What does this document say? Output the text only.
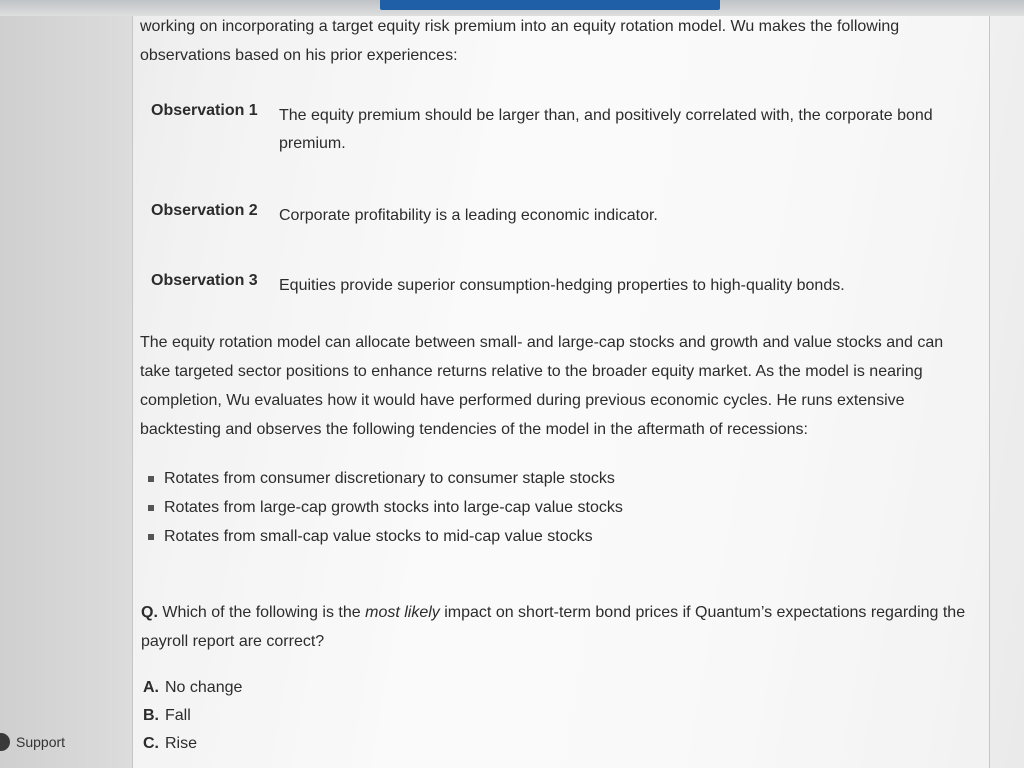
Support
working on incorporating a target equity risk premium into an equity rotation model. Wu makes the following
observations based on his prior experiences:
Observation 1	The equity premium should be larger than, and positively correlated with, the corporate bond
premium.
Observation 2	Corporate profitability is a leading economic indicator.
Observation 3	Equities provide superior consumption-hedging properties to high-quality bonds.
The equity rotation model can allocate between small- and large-cap stocks and growth and value stocks and can
take targeted sector positions to enhance returns relative to the broader equity market. As the model is nearing
completion, Wu evaluates how it would have performed during previous economic cycles. He runs extensive
backtesting and observes the following tendencies of the model in the aftermath of recessions:
Rotates from consumer discretionary to consumer staple stocks
Rotates from large-cap growth stocks into large-cap value stocks
Rotates from small-cap value stocks to mid-cap value stocks
Q. Which of the following is the most likely impact on short-term bond prices if Quantum’s expectations regarding the
payroll report are correct?
A. No change
B. Fall
C. Rise
